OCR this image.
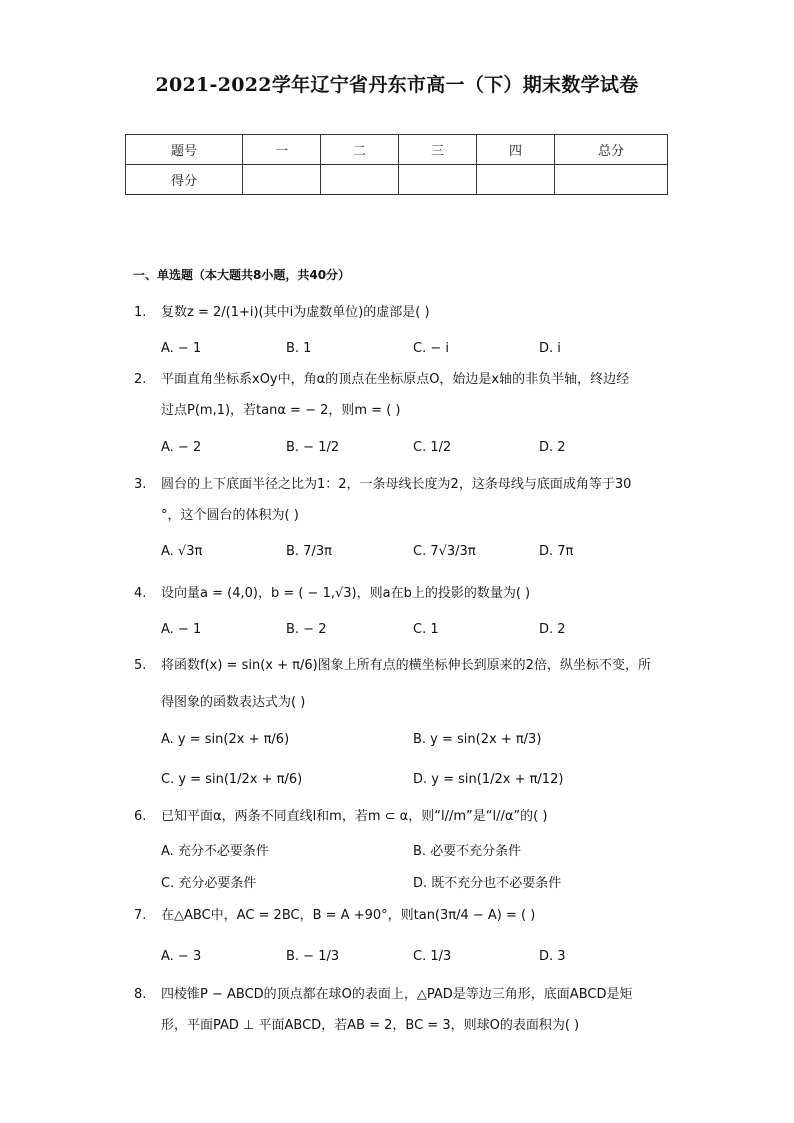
2021-2022学年辽宁省丹东市高一（下）期末数学试卷
题号	一	二	三	四	总分
得分					
一、单选题（本大题共8小题，共40分）
1. 复数z = 2/(1+i)(其中i为虚数单位)的虚部是( )
A. − 1	B. 1	C. − i	D. i
2. 平面直角坐标系xOy中，角α的顶点在坐标原点O，始边是x轴的非负半轴，终边经
过点P(m,1)，若tanα = − 2，则m = ( )
A. − 2	B. − 1/2	C. 1/2	D. 2
3. 圆台的上下底面半径之比为1：2，一条母线长度为2，这条母线与底面成角等于30
°，这个圆台的体积为( )
A. √3π	B. 7/3π	C. 7√3/3π	D. 7π
4. 设向量a = (4,0)，b = ( − 1,√3)，则a在b上的投影的数量为( )
A. − 1	B. − 2	C. 1	D. 2
5. 将函数f(x) = sin(x + π/6)图象上所有点的横坐标伸长到原来的2倍，纵坐标不变，所
得图象的函数表达式为( )
A. y = sin(2x + π/6)	B. y = sin(2x + π/3)
C. y = sin(1/2x + π/6)	D. y = sin(1/2x + π/12)
6. 已知平面α，两条不同直线l和m，若m ⊂ α，则“l//m”是“l//α”的( )
A. 充分不必要条件	B. 必要不充分条件
C. 充分必要条件	D. 既不充分也不必要条件
7. 在△ABC中，AC = 2BC，B = A +90°，则tan(3π/4 − A) = ( )
A. − 3	B. − 1/3	C. 1/3	D. 3
8. 四棱锥P − ABCD的顶点都在球O的表面上，△PAD是等边三角形，底面ABCD是矩
形，平面PAD ⊥ 平面ABCD，若AB = 2，BC = 3，则球O的表面积为( )
